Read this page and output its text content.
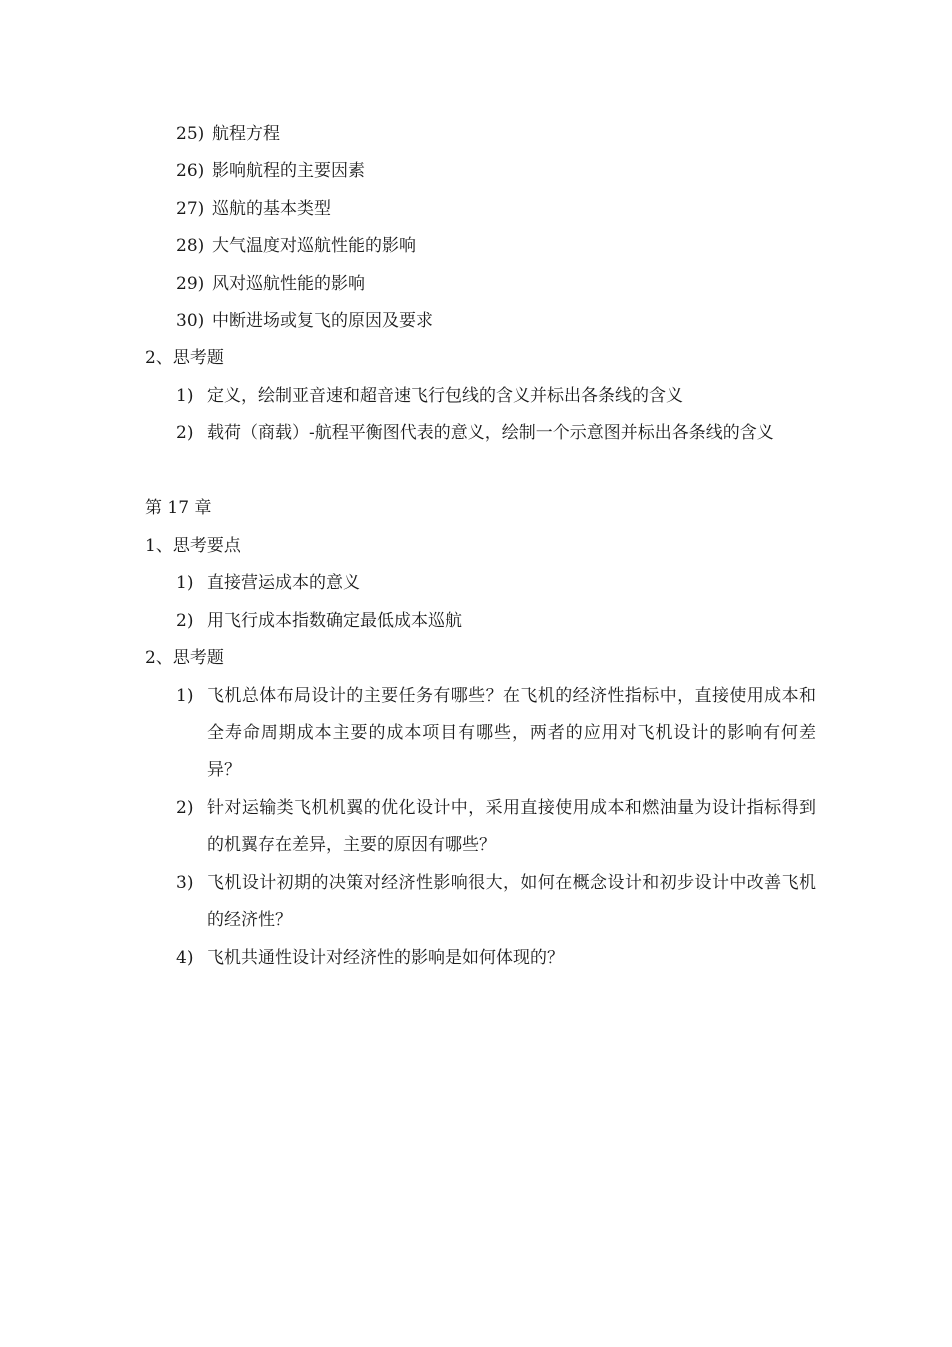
25) 航程方程
26) 影响航程的主要因素
27) 巡航的基本类型
28) 大气温度对巡航性能的影响
29) 风对巡航性能的影响
30) 中断进场或复飞的原因及要求
2、思考题
1) 定义，绘制亚音速和超音速飞行包线的含义并标出各条线的含义
2) 载荷（商载）-航程平衡图代表的意义，绘制一个示意图并标出各条线的含义
第 17 章
1、思考要点
1) 直接营运成本的意义
2) 用飞行成本指数确定最低成本巡航
2、思考题
1) 飞机总体布局设计的主要任务有哪些？在飞机的经济性指标中，直接使用成本和全寿命周期成本主要的成本项目有哪些，两者的应用对飞机设计的影响有何差异？
2) 针对运输类飞机机翼的优化设计中，采用直接使用成本和燃油量为设计指标得到的机翼存在差异，主要的原因有哪些？
3) 飞机设计初期的决策对经济性影响很大，如何在概念设计和初步设计中改善飞机的经济性？
4) 飞机共通性设计对经济性的影响是如何体现的？
